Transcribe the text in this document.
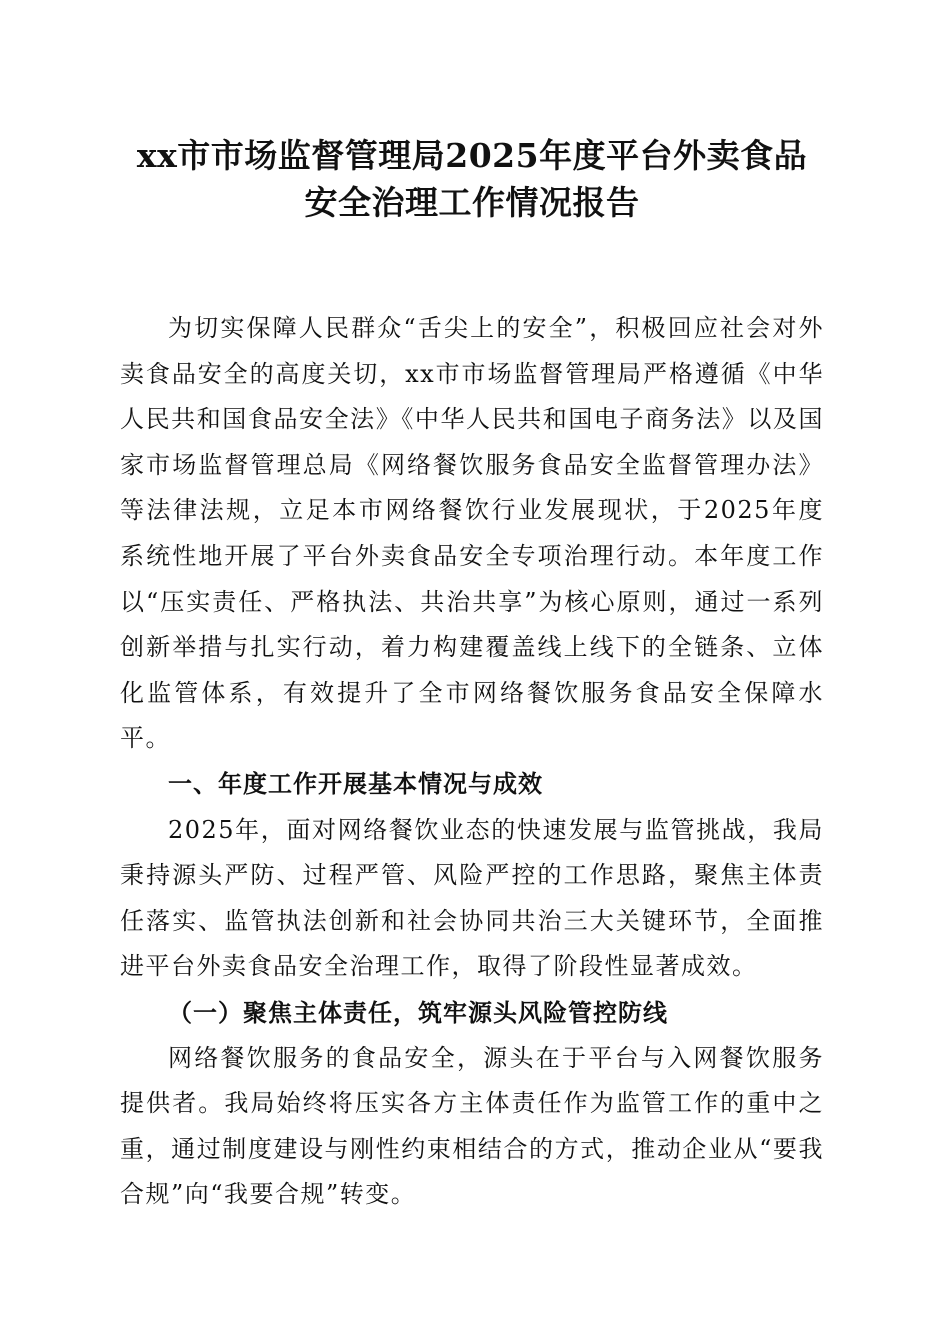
xx市市场监督管理局2025年度平台外卖食品
安全治理工作情况报告

为切实保障人民群众“舌尖上的安全”，积极回应社会对外卖食品安全的高度关切，xx市市场监督管理局严格遵循《中华人民共和国食品安全法》《中华人民共和国电子商务法》以及国家市场监督管理总局《网络餐饮服务食品安全监督管理办法》等法律法规，立足本市网络餐饮行业发展现状，于2025年度系统性地开展了平台外卖食品安全专项治理行动。本年度工作以“压实责任、严格执法、共治共享”为核心原则，通过一系列创新举措与扎实行动，着力构建覆盖线上线下的全链条、立体化监管体系，有效提升了全市网络餐饮服务食品安全保障水平。

一、年度工作开展基本情况与成效

2025年，面对网络餐饮业态的快速发展与监管挑战，我局秉持源头严防、过程严管、风险严控的工作思路，聚焦主体责任落实、监管执法创新和社会协同共治三大关键环节，全面推进平台外卖食品安全治理工作，取得了阶段性显著成效。

（一）聚焦主体责任，筑牢源头风险管控防线

网络餐饮服务的食品安全，源头在于平台与入网餐饮服务提供者。我局始终将压实各方主体责任作为监管工作的重中之重，通过制度建设与刚性约束相结合的方式，推动企业从“要我合规”向“我要合规”转变。
